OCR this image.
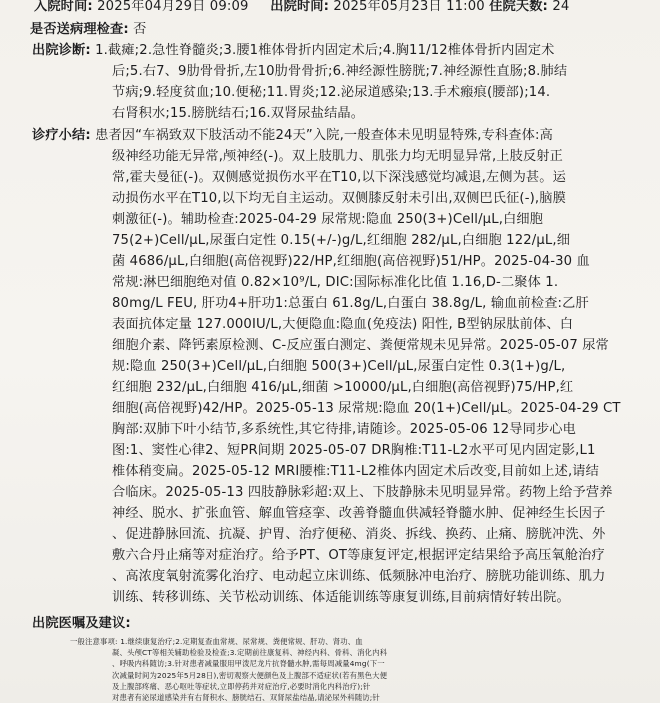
入院时间: 2025年04月29日 09:09 出院时间: 2025年05月23日 11:00 住院天数: 24
是否送病理检查: 否
出院诊断: 1.截瘫;2.急性脊髓炎;3.腰1椎体骨折内固定术后;4.胸11/12椎体骨折内固定术
后;5.右7、9肋骨骨折,左10肋骨骨折;6.神经源性膀胱;7.神经源性直肠;8.肺结
节病;9.轻度贫血;10.便秘;11.胃炎;12.泌尿道感染;13.手术瘢痕(腰部);14.
右肾积水;15.膀胱结石;16.双肾尿盐结晶。
诊疗小结: 患者因“车祸致双下肢活动不能24天”入院,一般查体未见明显特殊,专科查体:高
级神经功能无异常,颅神经(-)。双上肢肌力、肌张力均无明显异常,上肢反射正
常,霍夫曼征(-)。双侧感觉损伤水平在T10,以下深浅感觉均减退,左侧为甚。运
动损伤水平在T10,以下均无自主运动。双侧膝反射未引出,双侧巴氏征(-),脑膜
刺激征(-)。辅助检查:2025-04-29 尿常规:隐血 250(3+)Cell/μL,白细胞
75(2+)Cell/μL,尿蛋白定性 0.15(+/-)g/L,红细胞 282/μL,白细胞 122/μL,细
菌 4686/μL,白细胞(高倍视野)22/HP,红细胞(高倍视野)51/HP。2025-04-30 血
常规:淋巴细胞绝对值 0.82×10⁹/L, DIC:国际标准化比值 1.16,D-二聚体 1.
80mg/L FEU, 肝功4+肝功1:总蛋白 61.8g/L,白蛋白 38.8g/L, 输血前检查:乙肝
表面抗体定量 127.000IU/L,大便隐血:隐血(免疫法) 阳性, B型钠尿肽前体、白
细胞介素、降钙素原检测、C-反应蛋白测定、粪便常规未见异常。2025-05-07 尿常
规:隐血 250(3+)Cell/μL,白细胞 500(3+)Cell/μL,尿蛋白定性 0.3(1+)g/L,
红细胞 232/μL,白细胞 416/μL,细菌 >10000/μL,白细胞(高倍视野)75/HP,红
细胞(高倍视野)42/HP。2025-05-13 尿常规:隐血 20(1+)Cell/μL。2025-04-29 CT
胸部:双肺下叶小结节,多系统性,其它待排,请随诊。2025-05-06 12导同步心电
图:1、窦性心律2、短PR间期 2025-05-07 DR胸椎:T11-L2水平可见内固定影,L1
椎体稍变扁。2025-05-12 MRI腰椎:T11-L2椎体内固定术后改变,目前如上述,请结
合临床。2025-05-13 四肢静脉彩超:双上、下肢静脉未见明显异常。药物上给予营养
神经、脱水、扩张血管、解血管痉挛、改善脊髓血供减轻脊髓水肿、促神经生长因子
、促进静脉回流、抗凝、护胃、治疗便秘、消炎、拆线、换药、止痛、膀胱冲洗、外
敷六合丹止痛等对症治疗。给予PT、OT等康复评定,根据评定结果给予高压氧舱治疗
、高浓度氧射流雾化治疗、电动起立床训练、低频脉冲电治疗、膀胱功能训练、肌力
训练、转移训练、关节松动训练、体适能训练等康复训练,目前病情好转出院。
出院医嘱及建议:
一般注意事项: 1.继续康复治疗;2.定期复查血常规、尿常规、粪便常规、肝功、肾功、血
凝、头颅CT等相关辅助检验及检查;3.定期前往康复科、神经内科、骨科、消化内科
、呼吸内科随访;3.针对患者减量服用甲泼尼龙片抗脊髓水肿,需每周减量4mg(下一
次减量时间为2025年5月28日),密切观察大便颜色及上腹部不适症状(若有黑色大便
及上腹部疼痛、恶心呕吐等症状,立即停药并对症治疗,必要时消化内科治疗);针
对患者有泌尿道感染并有右肾积水、膀胱结石、双肾尿盐结晶,请泌尿外科随访;针
